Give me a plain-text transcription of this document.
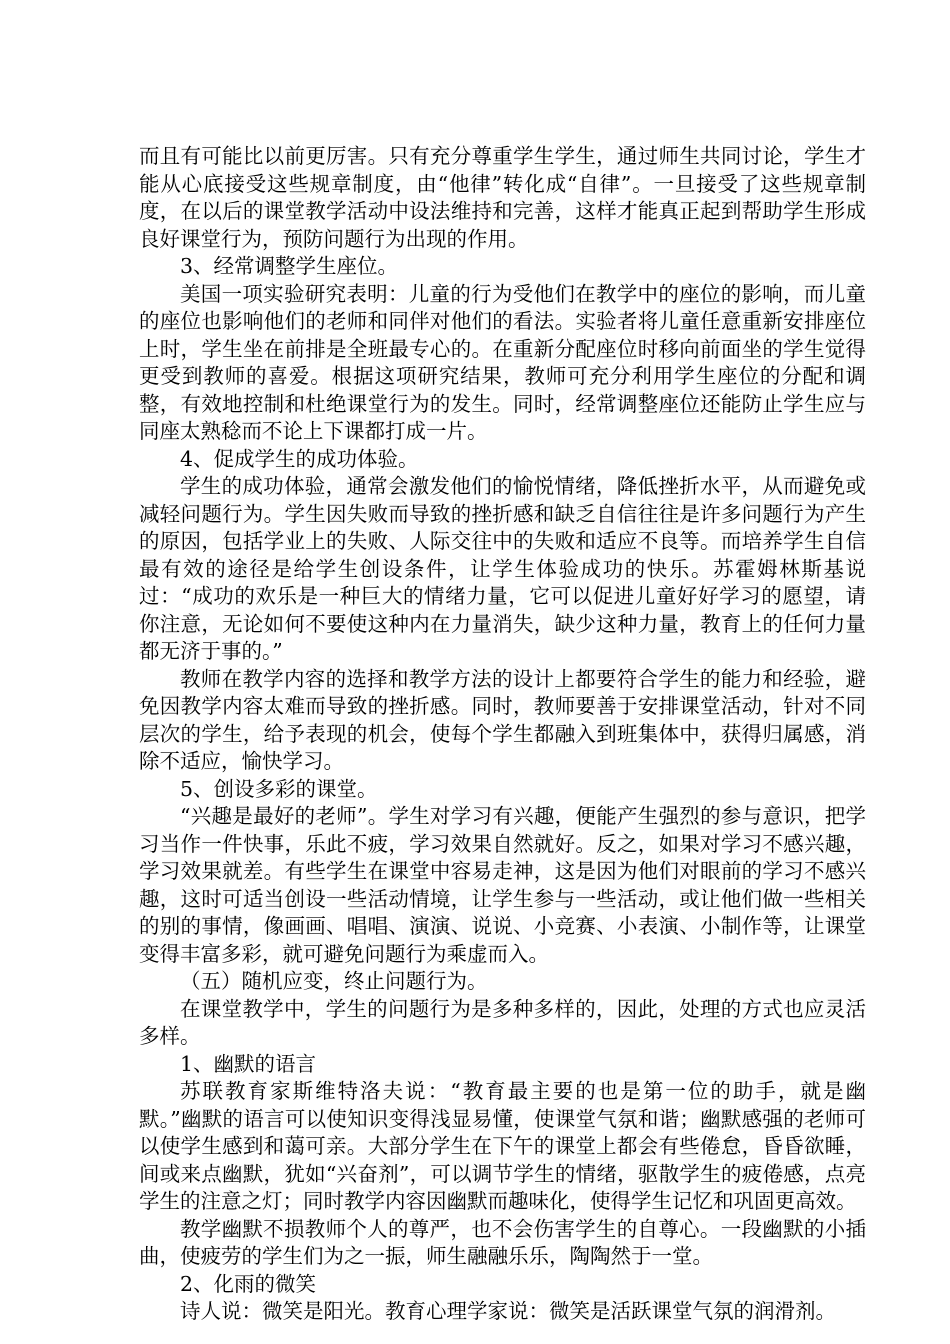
而且有可能比以前更厉害。只有充分尊重学生学生，通过师生共同讨论，学生才能从心底接受这些规章制度，由“他律”转化成“自律”。一旦接受了这些规章制度，在以后的课堂教学活动中设法维持和完善，这样才能真正起到帮助学生形成良好课堂行为，预防问题行为出现的作用。

3、经常调整学生座位。

美国一项实验研究表明：儿童的行为受他们在教学中的座位的影响，而儿童的座位也影响他们的老师和同伴对他们的看法。实验者将儿童任意重新安排座位上时，学生坐在前排是全班最专心的。在重新分配座位时移向前面坐的学生觉得更受到教师的喜爱。根据这项研究结果，教师可充分利用学生座位的分配和调整，有效地控制和杜绝课堂行为的发生。同时，经常调整座位还能防止学生应与同座太熟稔而不论上下课都打成一片。

4、促成学生的成功体验。

学生的成功体验，通常会激发他们的愉悦情绪，降低挫折水平，从而避免或减轻问题行为。学生因失败而导致的挫折感和缺乏自信往往是许多问题行为产生的原因，包括学业上的失败、人际交往中的失败和适应不良等。而培养学生自信最有效的途径是给学生创设条件，让学生体验成功的快乐。苏霍姆林斯基说过：“成功的欢乐是一种巨大的情绪力量，它可以促进儿童好好学习的愿望，请你注意，无论如何不要使这种内在力量消失，缺少这种力量，教育上的任何力量都无济于事的。”

教师在教学内容的选择和教学方法的设计上都要符合学生的能力和经验，避免因教学内容太难而导致的挫折感。同时，教师要善于安排课堂活动，针对不同层次的学生，给予表现的机会，使每个学生都融入到班集体中，获得归属感，消除不适应，愉快学习。

5、创设多彩的课堂。

“兴趣是最好的老师”。学生对学习有兴趣，便能产生强烈的参与意识，把学习当作一件快事，乐此不疲，学习效果自然就好。反之，如果对学习不感兴趣，学习效果就差。有些学生在课堂中容易走神，这是因为他们对眼前的学习不感兴趣，这时可适当创设一些活动情境，让学生参与一些活动，或让他们做一些相关的别的事情，像画画、唱唱、演演、说说、小竞赛、小表演、小制作等，让课堂变得丰富多彩，就可避免问题行为乘虚而入。

（五）随机应变，终止问题行为。

在课堂教学中，学生的问题行为是多种多样的，因此，处理的方式也应灵活多样。

1、幽默的语言

苏联教育家斯维特洛夫说：“教育最主要的也是第一位的助手，就是幽默。”幽默的语言可以使知识变得浅显易懂，使课堂气氛和谐；幽默感强的老师可以使学生感到和蔼可亲。大部分学生在下午的课堂上都会有些倦怠，昏昏欲睡，间或来点幽默，犹如“兴奋剂”，可以调节学生的情绪，驱散学生的疲倦感，点亮学生的注意之灯；同时教学内容因幽默而趣味化，使得学生记忆和巩固更高效。

教学幽默不损教师个人的尊严，也不会伤害学生的自尊心。一段幽默的小插曲，使疲劳的学生们为之一振，师生融融乐乐，陶陶然于一堂。

2、化雨的微笑

诗人说：微笑是阳光。教育心理学家说：微笑是活跃课堂气氛的润滑剂。
